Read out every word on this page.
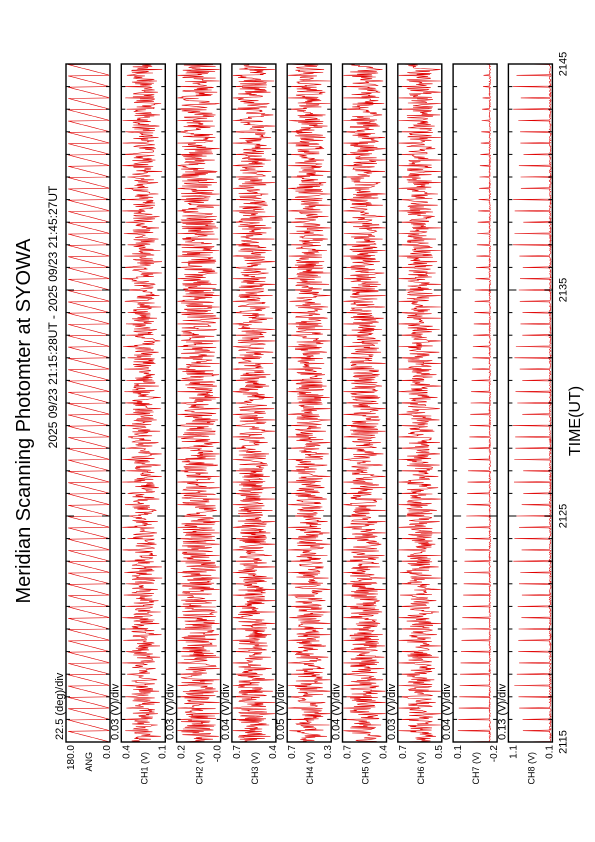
Meridian Scanning Photomter at SYOWA 2025 09/23 21:15:28UT - 2025 09/23 21:45:27UT	TIME(UT)
22.5 (deg)/div
180.0	0.0
ANG
0.03 (V)/div
0.4	0.1
CH1 (V)
0.03 (V)/div
0.2	-0.0
CH2 (V)
0.04 (V)/div
0.7	0.4
CH3 (V)
0.05 (V)/div
0.7	0.3
CH4 (V)
0.04 (V)/div
0.7	0.4
CH5 (V)
0.03 (V)/div
0.7	0.5
CH6 (V)
0.04 (V)/div
0.1	-0.2
CH7 (V)
0.13 (V)/div
1.1	0.1
CH8 (V)
2115
2125
2135
2145
